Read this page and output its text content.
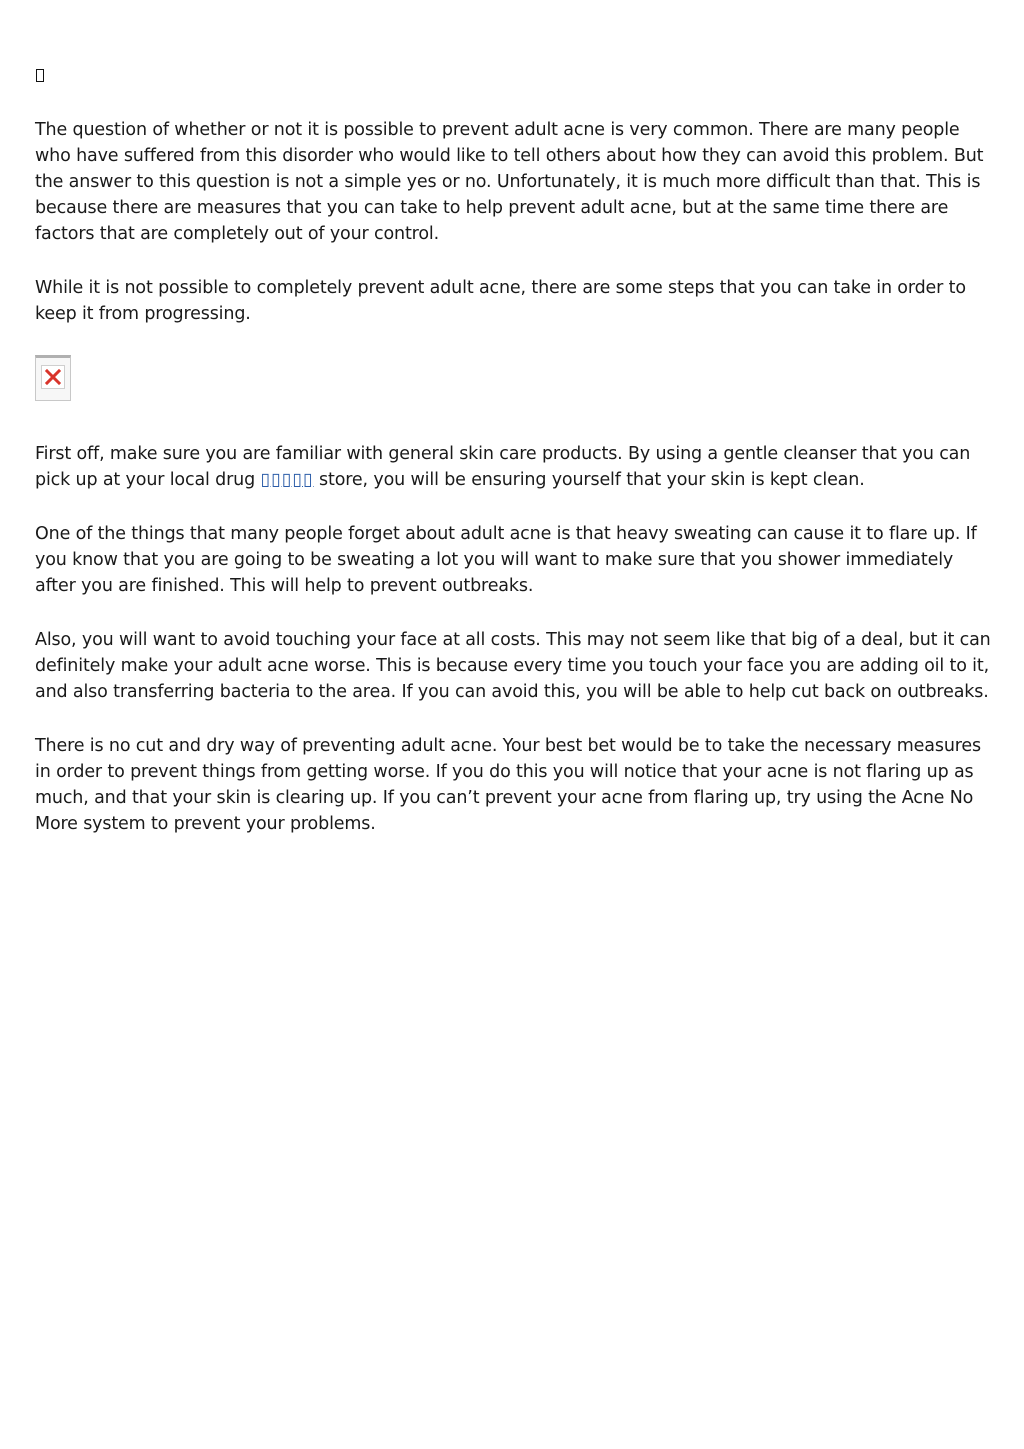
The question of whether or not it is possible to prevent adult acne is very common. There are many people who have suffered from this disorder who would like to tell others about how they can avoid this problem. But the answer to this question is not a simple yes or no. Unfortunately, it is much more difficult than that. This is because there are measures that you can take to help prevent adult acne, but at the same time there are factors that are completely out of your control.

While it is not possible to completely prevent adult acne, there are some steps that you can take in order to keep it from progressing.

First off, make sure you are familiar with general skin care products. By using a gentle cleanser that you can pick up at your local drug ▯▯▯▯▯ store, you will be ensuring yourself that your skin is kept clean.

One of the things that many people forget about adult acne is that heavy sweating can cause it to flare up. If you know that you are going to be sweating a lot you will want to make sure that you shower immediately after you are finished. This will help to prevent outbreaks.

Also, you will want to avoid touching your face at all costs. This may not seem like that big of a deal, but it can definitely make your adult acne worse. This is because every time you touch your face you are adding oil to it, and also transferring bacteria to the area. If you can avoid this, you will be able to help cut back on outbreaks.

There is no cut and dry way of preventing adult acne. Your best bet would be to take the necessary measures in order to prevent things from getting worse. If you do this you will notice that your acne is not flaring up as much, and that your skin is clearing up. If you can’t prevent your acne from flaring up, try using the Acne No More system to prevent your problems.
